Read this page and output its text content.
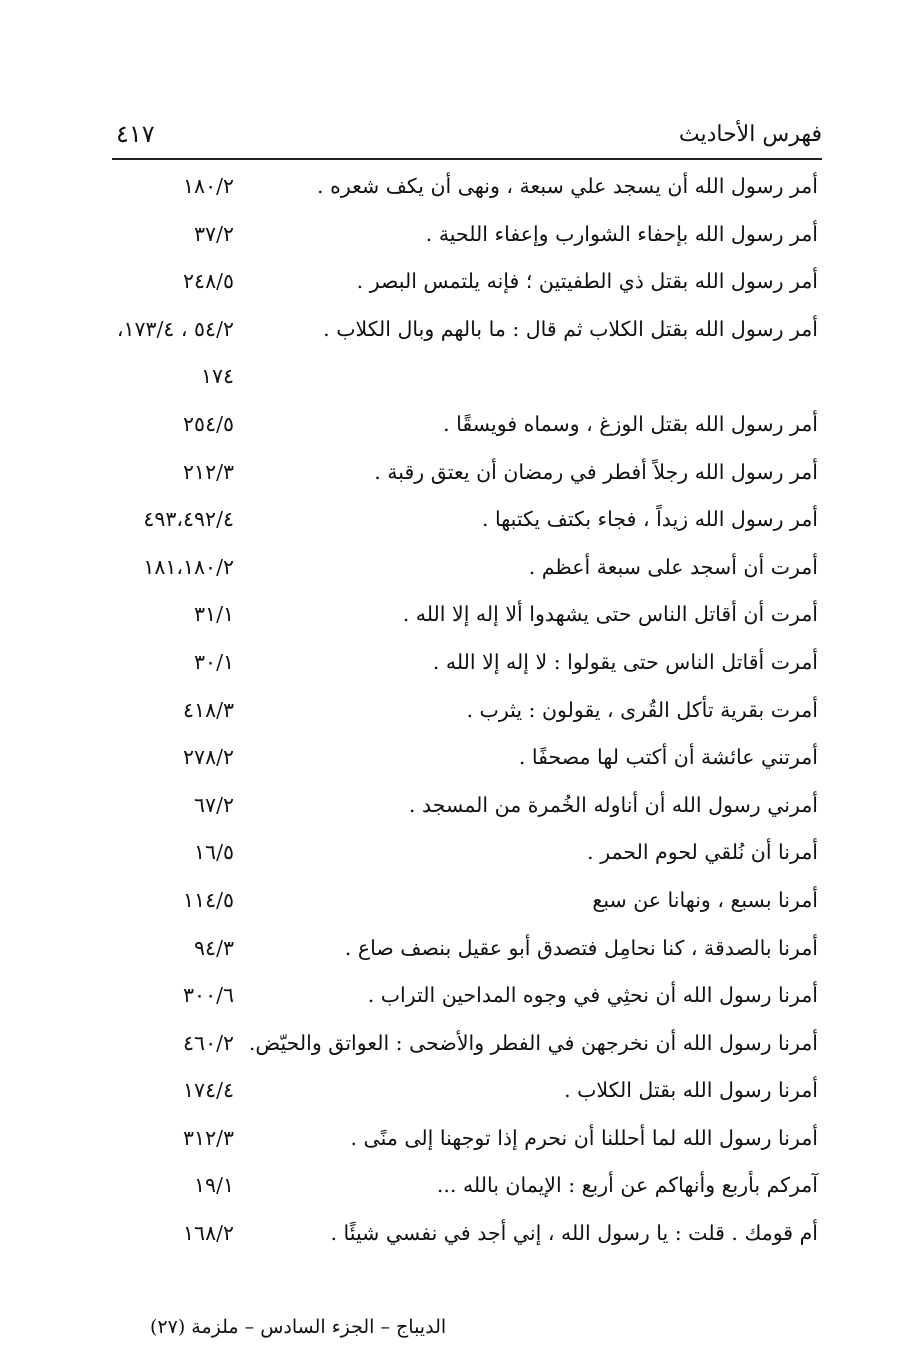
فهرس الأحاديث
٤١٧
أمر رسول الله أن يسجد علي سبعة ، ونهى أن يكف شعره .
١٨٠/٢
أمر رسول الله بإحفاء الشوارب وإعفاء اللحية .
٣٧/٢
أمر رسول الله بقتل ذي الطفيتين ؛ فإنه يلتمس البصر .
٢٤٨/٥
أمر رسول الله بقتل الكلاب ثم قال : ما بالهم وبال الكلاب .
٥٤/٢ ، ١٧٣/٤،
١٧٤
أمر رسول الله بقتل الوزغ ، وسماه فويسقًا .
٢٥٤/٥
أمر رسول الله رجلاً أفطر في رمضان أن يعتق رقبة .
٢١٢/٣
أمر رسول الله زيداً ، فجاء بكتف يكتبها .
٤٩٣،٤٩٢/٤
أمرت أن أسجد على سبعة أعظم .
١٨١،١٨٠/٢
أمرت أن أقاتل الناس حتى يشهدوا ألا إله إلا الله .
٣١/١
أمرت أقاتل الناس حتى يقولوا : لا إله إلا الله .
٣٠/١
أمرت بقرية تأكل القُرى ، يقولون : يثرب .
٤١٨/٣
أمرتني عائشة أن أكتب لها مصحفًا .
٢٧٨/٢
أمرني رسول الله أن أناوله الخُمرة من المسجد .
٦٧/٢
أمرنا أن نُلقي لحوم الحمر .
١٦/٥
أمرنا بسبع ، ونهانا عن سبع
١١٤/٥
أمرنا بالصدقة ، كنا نحامِل فتصدق أبو عقيل بنصف صاع .
٩٤/٣
أمرنا رسول الله أن نحثِي في وجوه المداحين التراب .
٣٠٠/٦
أمرنا رسول الله أن نخرجهن في الفطر والأضحى : العواتق والحيّض.
٤٦٠/٢
أمرنا رسول الله بقتل الكلاب .
١٧٤/٤
أمرنا رسول الله لما أحللنا أن نحرم إذا توجهنا إلى منًى .
٣١٢/٣
آمركم بأربع وأنهاكم عن أربع : الإيمان بالله ...
١٩/١
أم قومك . قلت : يا رسول الله ، إني أجد في نفسي شيئًا .
١٦٨/٢
الديباج – الجزء السادس – ملزمة (٢٧)
